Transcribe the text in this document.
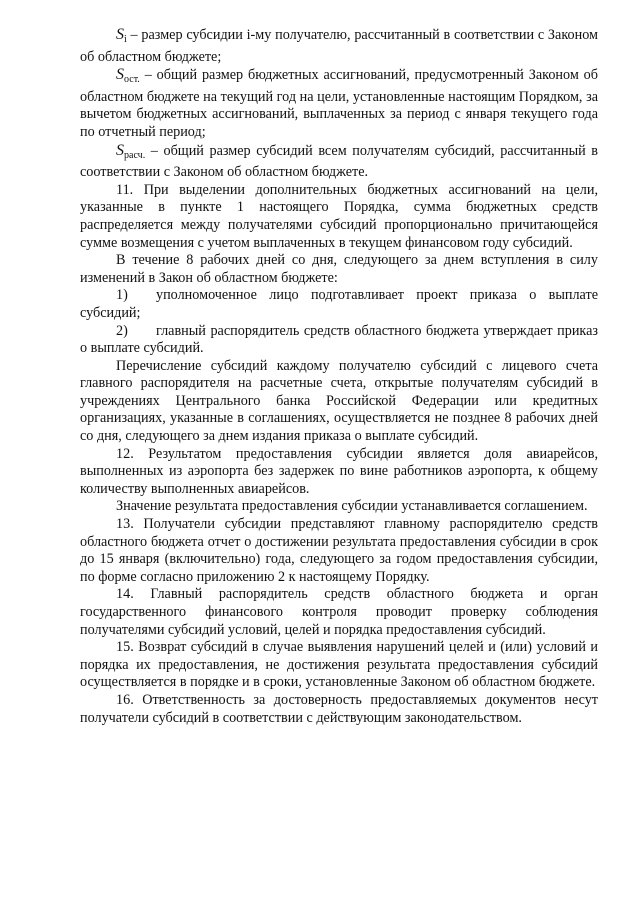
$S_i$ – размер субсидии i-му получателю, рассчитанный в соответствии с Законом об областном бюджете;

$S_{ост.}$ – общий размер бюджетных ассигнований, предусмотренный Законом об областном бюджете на текущий год на цели, установленные настоящим Порядком, за вычетом бюджетных ассигнований, выплаченных за период с января текущего года по отчетный период;

$S_{расч.}$ – общий размер субсидий всем получателям субсидий, рассчитанный в соответствии с Законом об областном бюджете.

11. При выделении дополнительных бюджетных ассигнований на цели, указанные в пункте 1 настоящего Порядка, сумма бюджетных средств распределяется между получателями субсидий пропорционально причитающейся сумме возмещения с учетом выплаченных в текущем финансовом году субсидий.

В течение 8 рабочих дней со дня, следующего за днем вступления в силу изменений в Закон об областном бюджете:

1) уполномоченное лицо подготавливает проект приказа о выплате субсидий;

2) главный распорядитель средств областного бюджета утверждает приказ о выплате субсидий.

Перечисление субсидий каждому получателю субсидий с лицевого счета главного распорядителя на расчетные счета, открытые получателям субсидий в учреждениях Центрального банка Российской Федерации или кредитных организациях, указанные в соглашениях, осуществляется не позднее 8 рабочих дней со дня, следующего за днем издания приказа о выплате субсидий.

12. Результатом предоставления субсидии является доля авиарейсов, выполненных из аэропорта без задержек по вине работников аэропорта, к общему количеству выполненных авиарейсов.

Значение результата предоставления субсидии устанавливается соглашением.

13. Получатели субсидии представляют главному распорядителю средств областного бюджета отчет о достижении результата предоставления субсидии в срок до 15 января (включительно) года, следующего за годом предоставления субсидии, по форме согласно приложению 2 к настоящему Порядку.

14. Главный распорядитель средств областного бюджета и орган государственного финансового контроля проводит проверку соблюдения получателями субсидий условий, целей и порядка предоставления субсидий.

15. Возврат субсидий в случае выявления нарушений целей и (или) условий и порядка их предоставления, не достижения результата предоставления субсидий осуществляется в порядке и в сроки, установленные Законом об областном бюджете.

16. Ответственность за достоверность предоставляемых документов несут получатели субсидий в соответствии с действующим законодательством.
